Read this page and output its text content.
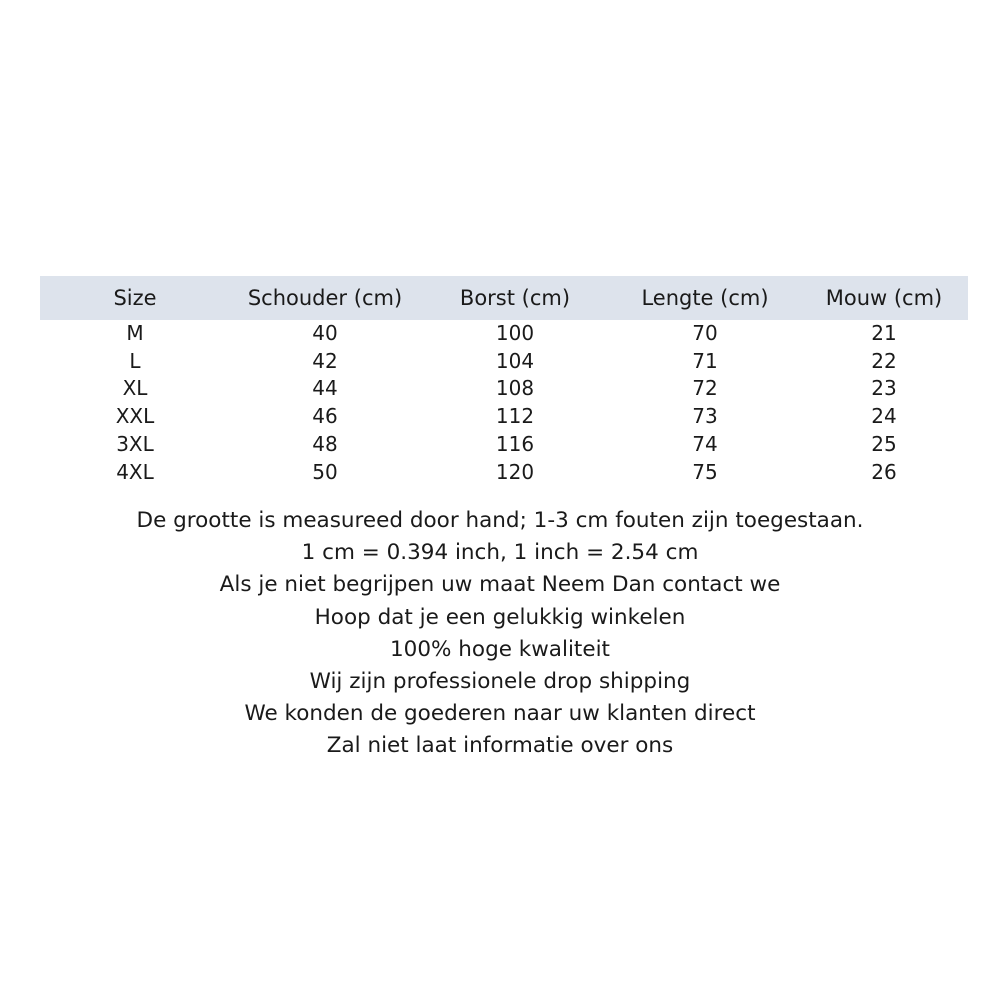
Size	Schouder (cm)	Borst (cm)	Lengte (cm)	Mouw (cm)
M	40	100	70	21
L	42	104	71	22
XL	44	108	72	23
XXL	46	112	73	24
3XL	48	116	74	25
4XL	50	120	75	26
De grootte is measureed door hand; 1-3 cm fouten zijn toegestaan.
1 cm = 0.394 inch, 1 inch = 2.54 cm
Als je niet begrijpen uw maat Neem Dan contact we
Hoop dat je een gelukkig winkelen
100% hoge kwaliteit
Wij zijn professionele drop shipping
We konden de goederen naar uw klanten direct
Zal niet laat informatie over ons
